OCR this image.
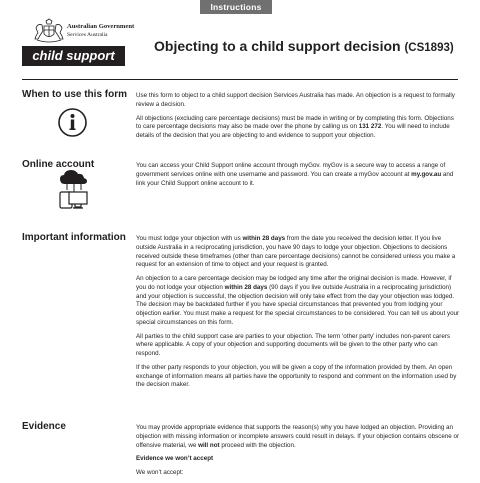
Instructions
Australian Government
Services Australia
child support
Objecting to a child support decision (CS1893)
When to use this form Use this form to object to a child support decision Services Australia has made. An objection is a request to formally review a decision.

All objections (excluding care percentage decisions) must be made in writing or by completing this form. Objections to care percentage decisions may also be made over the phone by calling us on 131 272. You will need to include details of the decision that you are objecting to and evidence to support your objection.

Online account	You can access your Child Support online account through myGov. myGov is a secure way to access a range of government services online with one username and password. You can create a myGov account at my.gov.au and link your Child Support online account to it.

Important information You must lodge your objection with us within 28 days from the date you received the decision letter. If you live outside Australia in a reciprocating jurisdiction, you have 90 days to lodge your objection. Objections to decisions received outside these timeframes (other than care percentage decisions) cannot be considered unless you make a request for an extension of time to object and your request is granted.

An objection to a care percentage decision may be lodged any time after the original decision is made. However, if you do not lodge your objection within 28 days (90 days if you live outside Australia in a reciprocating jurisdiction) and your objection is successful, the objection decision will only take effect from the day your objection was lodged. The decision may be backdated further if you have special circumstances that prevented you from lodging your objection earlier. You must make a request for the special circumstances to be considered. You can tell us about your special circumstances on this form.

All parties to the child support case are parties to your objection. The term ‘other party’ includes non-parent carers where applicable. A copy of your objection and supporting documents will be given to the other party who can respond.

If the other party responds to your objection, you will be given a copy of the information provided by them. An open exchange of information means all parties have the opportunity to respond and comment on the information used by the decision maker.

Evidence	You may provide appropriate evidence that supports the reason(s) why you have lodged an objection. Providing an objection with missing information or incomplete answers could result in delays. If your objection contains obscene or offensive material, we will not proceed with the objection.

Evidence we won’t accept

We won’t accept:
